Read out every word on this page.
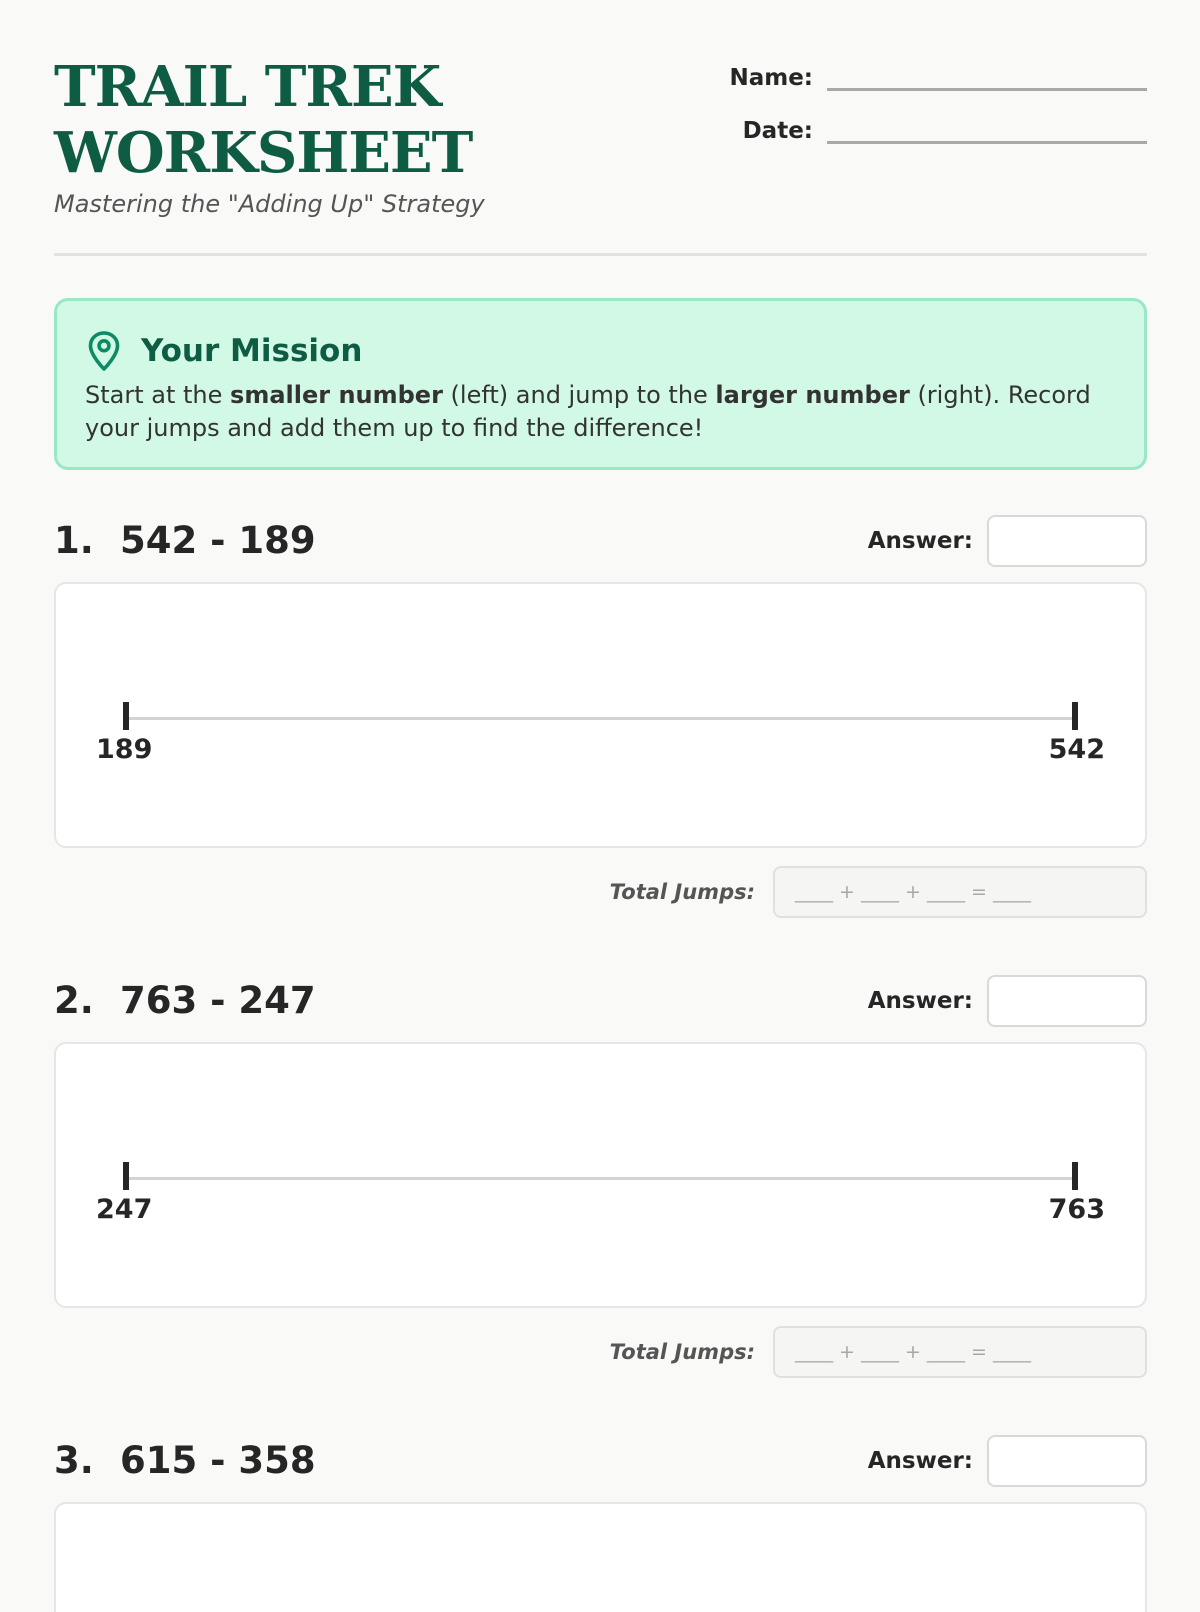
TRAIL TREK
WORKSHEET

Mastering the "Adding Up" Strategy

Name:
Date:
Your Mission
Start at the smaller number (left) and jump to the larger number (right). Record your jumps and add them up to find the difference!
1. 542 - 189	Answer:
189	542
Total Jumps:	____ + ____ + ____ = ____
2. 763 - 247	Answer:
247	763
Total Jumps:	____ + ____ + ____ = ____
3. 615 - 358	Answer:
